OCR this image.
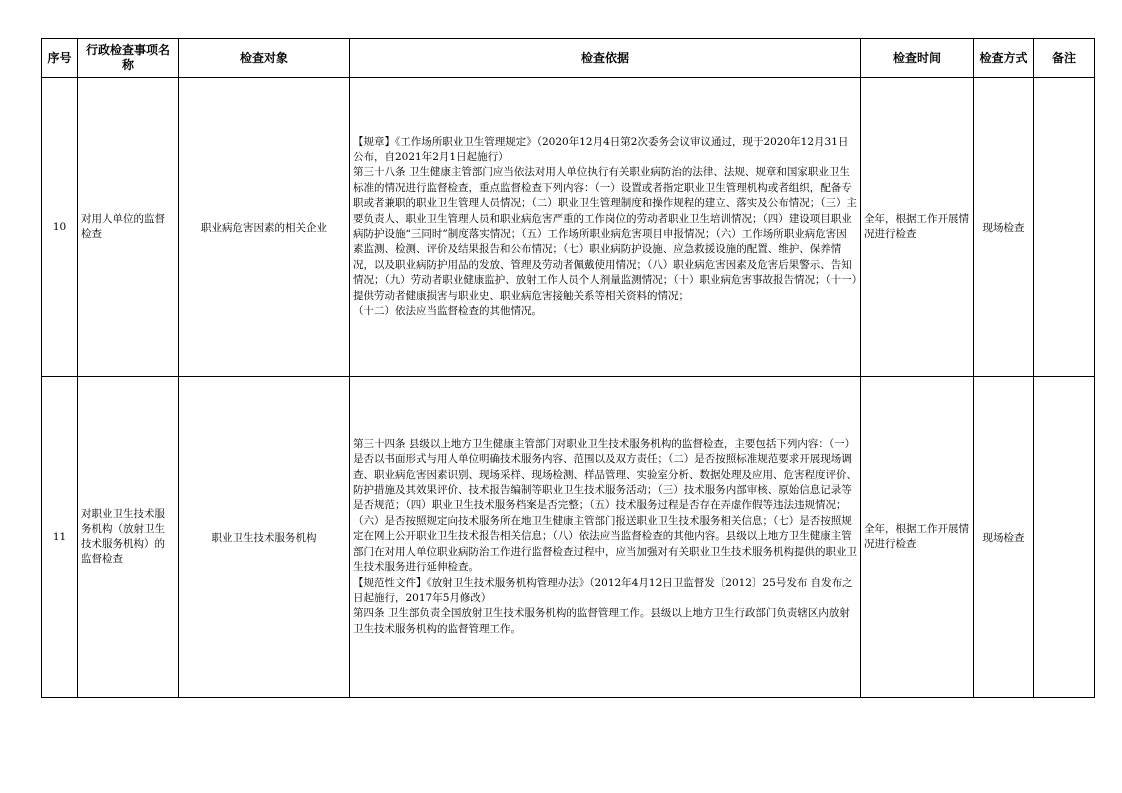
序号	行政检查事项名称	检查对象	检查依据	检查时间	检查方式	备注
10	对用人单位的监督检查	职业病危害因素的相关企业	【规章】《工作场所职业卫生管理规定》（2020年12月4日第2次委务会议审议通过，现于2020年12月31日公布，自2021年2月1日起施行）

第三十八条 卫生健康主管部门应当依法对用人单位执行有关职业病防治的法律、法规、规章和国家职业卫生标准的情况进行监督检查，重点监督检查下列内容：（一）设置或者指定职业卫生管理机构或者组织，配备专职或者兼职的职业卫生管理人员情况；（二）职业卫生管理制度和操作规程的建立、落实及公布情况；（三）主要负责人、职业卫生管理人员和职业病危害严重的工作岗位的劳动者职业卫生培训情况；（四）建设项目职业病防护设施“三同时”制度落实情况；（五）工作场所职业病危害项目申报情况；（六）工作场所职业病危害因素监测、检测、评价及结果报告和公布情况；（七）职业病防护设施、应急救援设施的配置、维护、保养情况，以及职业病防护用品的发放、管理及劳动者佩戴使用情况；（八）职业病危害因素及危害后果警示、告知情况；（九）劳动者职业健康监护、放射工作人员个人剂量监测情况；（十）职业病危害事故报告情况；（十一）提供劳动者健康损害与职业史、职业病危害接触关系等相关资料的情况；

（十二）依法应当监督检查的其他情况。	全年，根据工作开展情况进行检查	现场检查	
11	对职业卫生技术服务机构（放射卫生技术服务机构）的监督检查	职业卫生技术服务机构	第三十四条 县级以上地方卫生健康主管部门对职业卫生技术服务机构的监督检查，主要包括下列内容：（一）是否以书面形式与用人单位明确技术服务内容、范围以及双方责任；（二）是否按照标准规范要求开展现场调查、职业病危害因素识别、现场采样、现场检测、样品管理、实验室分析、数据处理及应用、危害程度评价、防护措施及其效果评价、技术报告编制等职业卫生技术服务活动；（三）技术服务内部审核、原始信息记录等是否规范；（四）职业卫生技术服务档案是否完整；（五）技术服务过程是否存在弄虚作假等违法违规情况；（六）是否按照规定向技术服务所在地卫生健康主管部门报送职业卫生技术服务相关信息；（七）是否按照规定在网上公开职业卫生技术报告相关信息；（八）依法应当监督检查的其他内容。县级以上地方卫生健康主管部门在对用人单位职业病防治工作进行监督检查过程中，应当加强对有关职业卫生技术服务机构提供的职业卫生技术服务进行延伸检查。

【规范性文件】《放射卫生技术服务机构管理办法》（2012年4月12日卫监督发〔2012〕25号发布 自发布之日起施行，2017年5月修改）

第四条 卫生部负责全国放射卫生技术服务机构的监督管理工作。县级以上地方卫生行政部门负责辖区内放射卫生技术服务机构的监督管理工作。	全年，根据工作开展情况进行检查	现场检查	
